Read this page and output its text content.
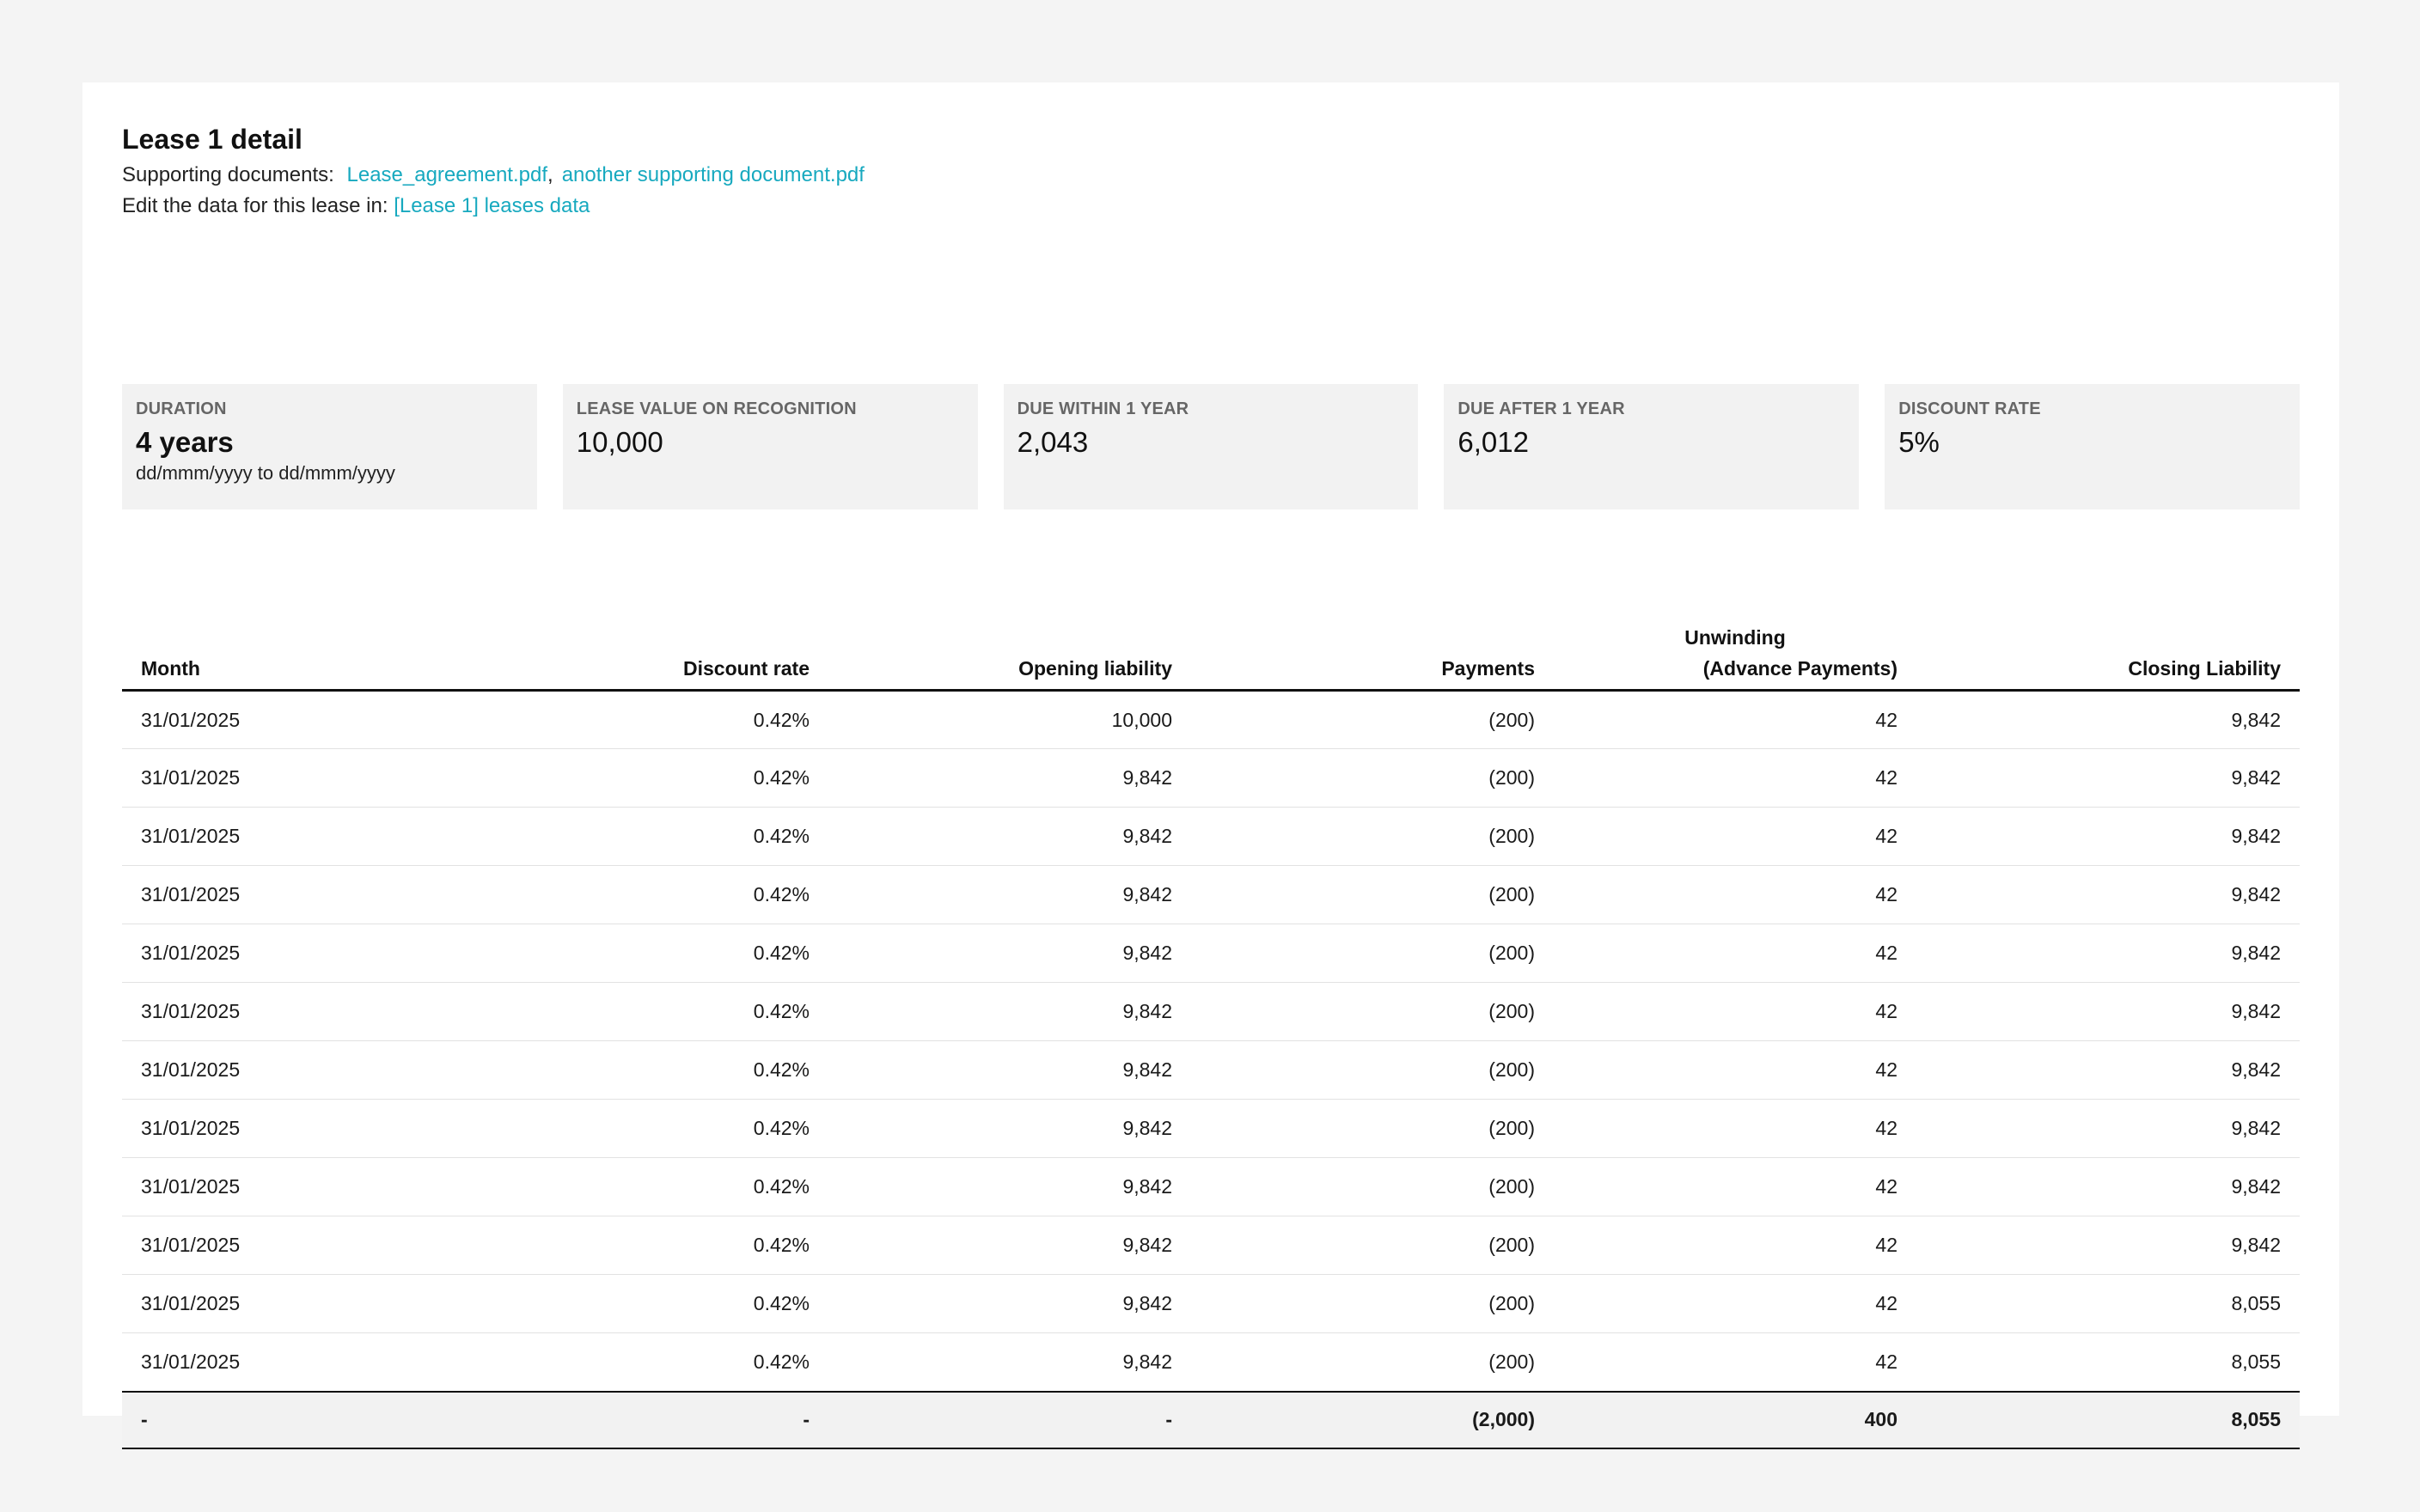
Lease 1 detail
Supporting documents: Lease_agreement.pdf, another supporting document.pdf
Edit the data for this lease in: [Lease 1] leases data
DURATION
4 years
dd/mmm/yyyy to dd/mmm/yyyy
LEASE VALUE ON RECOGNITION
10,000
DUE WITHIN 1 YEAR
2,043
DUE AFTER 1 YEAR
6,012
DISCOUNT RATE
5%
Month	Discount rate	Opening liability	Payments	Unwinding
(Advance Payments)	Closing Liability
31/01/2025	0.42%	10,000	(200)	42	9,842
31/01/2025	0.42%	9,842	(200)	42	9,842
31/01/2025	0.42%	9,842	(200)	42	9,842
31/01/2025	0.42%	9,842	(200)	42	9,842
31/01/2025	0.42%	9,842	(200)	42	9,842
31/01/2025	0.42%	9,842	(200)	42	9,842
31/01/2025	0.42%	9,842	(200)	42	9,842
31/01/2025	0.42%	9,842	(200)	42	9,842
31/01/2025	0.42%	9,842	(200)	42	9,842
31/01/2025	0.42%	9,842	(200)	42	9,842
31/01/2025	0.42%	9,842	(200)	42	8,055
31/01/2025	0.42%	9,842	(200)	42	8,055
-	-	-	(2,000)	400	8,055
